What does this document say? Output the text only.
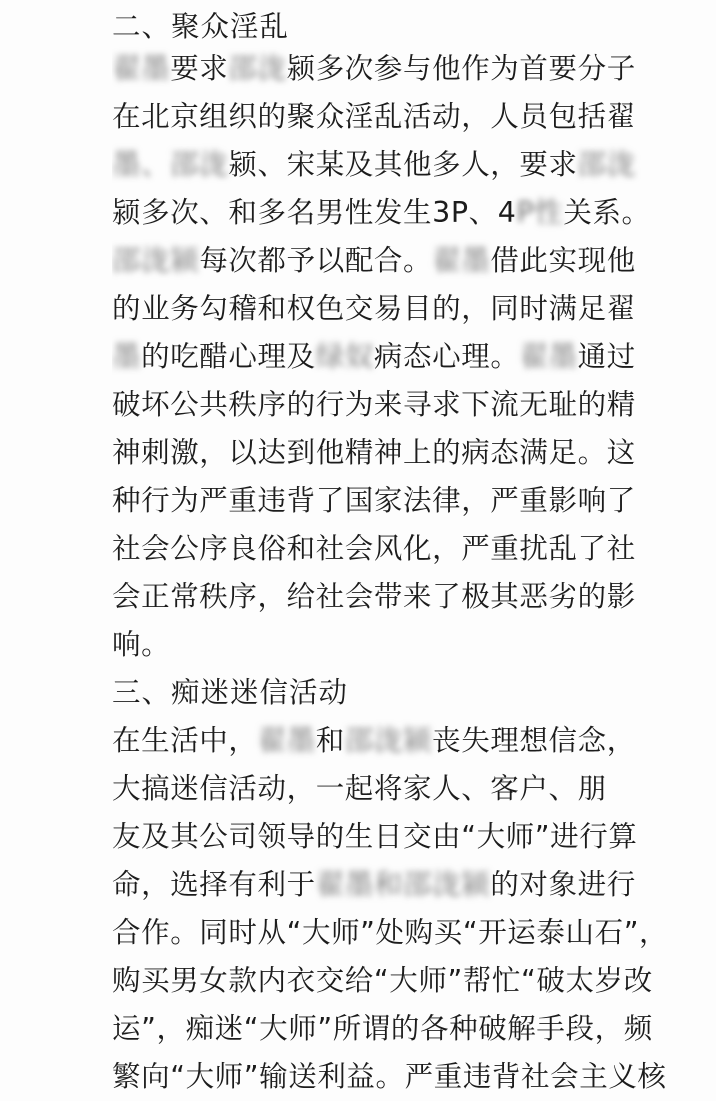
二、聚众淫乱
翟墨要求邵泷颍多次参与他作为首要分子
在北京组织的聚众淫乱活动，人员包括翟
墨、邵泷颍、宋某及其他多人，要求邵泷
颍多次、和多名男性发生3P、4P性关系。
邵泷颍每次都予以配合。翟墨借此实现他
的业务勾稽和权色交易目的，同时满足翟
墨的吃醋心理及绿奴病态心理。翟墨通过
破坏公共秩序的行为来寻求下流无耻的精
神刺激，以达到他精神上的病态满足。这
种行为严重违背了国家法律，严重影响了
社会公序良俗和社会风化，严重扰乱了社
会正常秩序，给社会带来了极其恶劣的影
响。
三、痴迷迷信活动
在生活中，翟墨和邵泷颍丧失理想信念，
大搞迷信活动，一起将家人、客户、朋
友及其公司领导的生日交由“大师”进行算
命，选择有利于翟墨和邵泷颍的对象进行
合作。同时从“大师”处购买“开运泰山石”，
购买男女款内衣交给“大师”帮忙“破太岁改
运”，痴迷“大师”所谓的各种破解手段，频
繁向“大师”输送利益。严重违背社会主义核
